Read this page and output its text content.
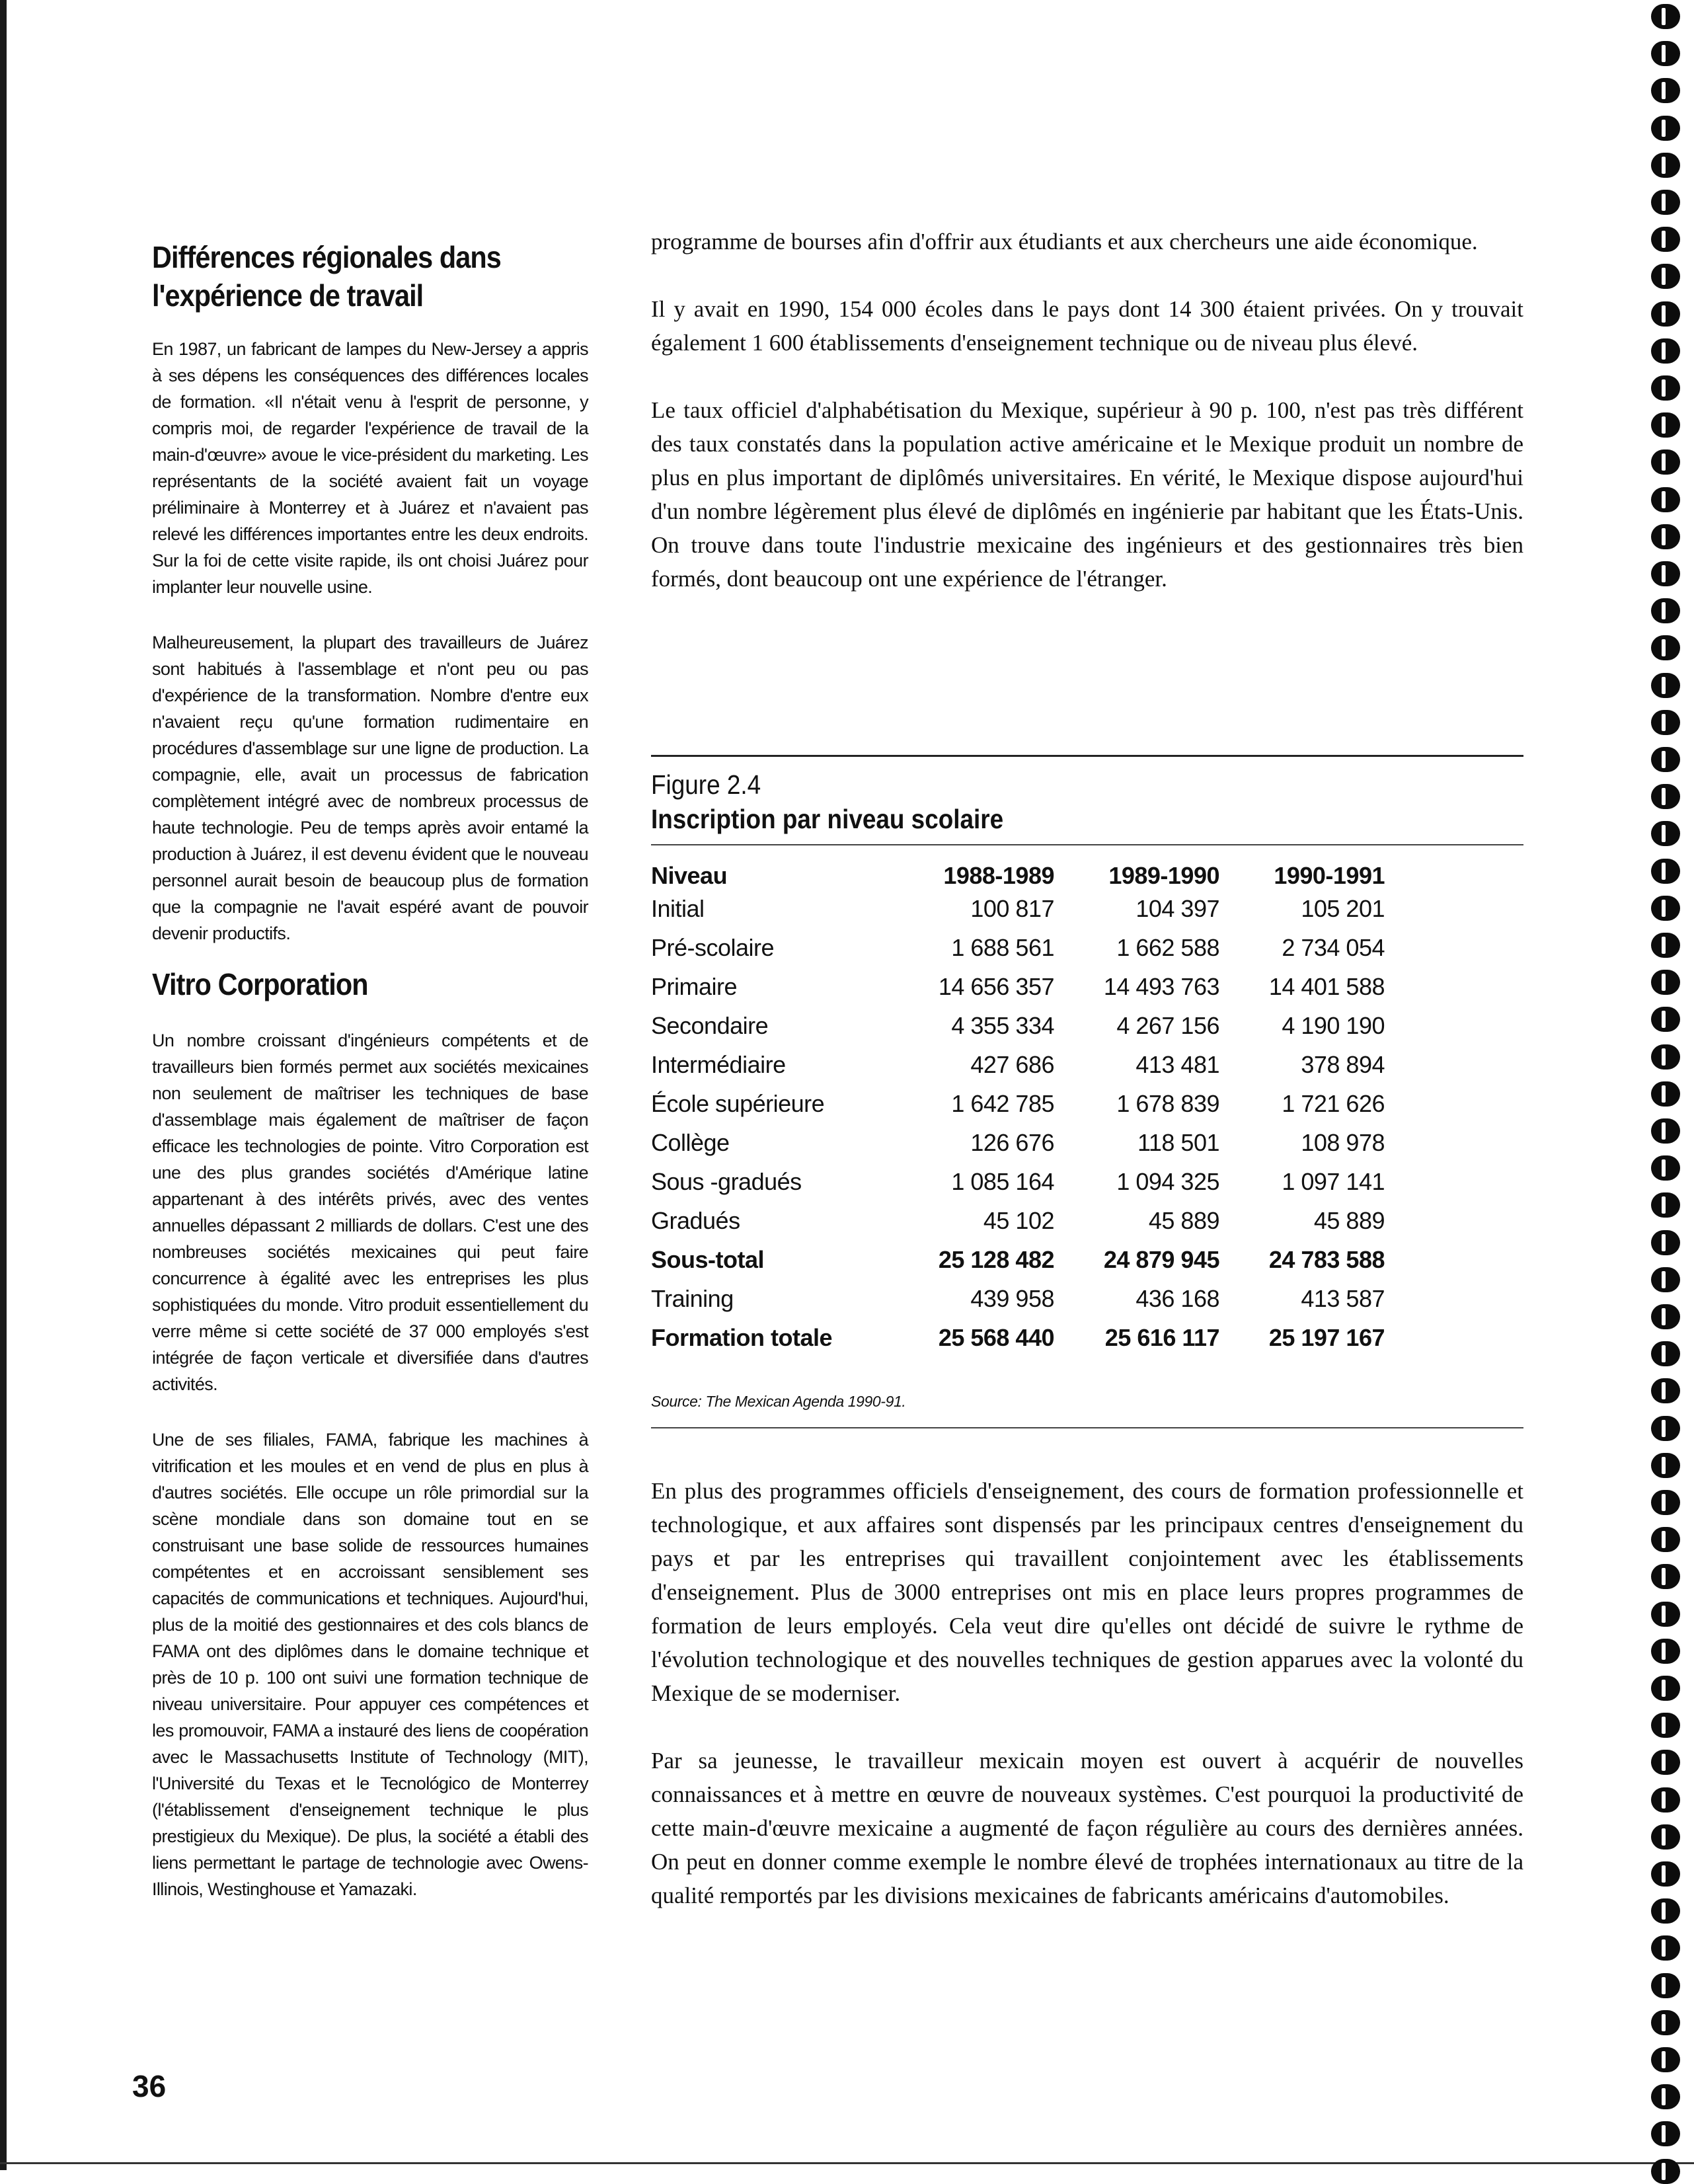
Différences régionales dans l'expérience de travail

En 1987, un fabricant de lampes du New-Jersey a appris à ses dépens les conséquences des différences locales de formation. «Il n'était venu à l'esprit de personne, y compris moi, de regarder l'expérience de travail de la main-d'œuvre» avoue le vice-président du marketing. Les représentants de la société avaient fait un voyage préliminaire à Monterrey et à Juárez et n'avaient pas relevé les différences importantes entre les deux endroits. Sur la foi de cette visite rapide, ils ont choisi Juárez pour implanter leur nouvelle usine.

Malheureusement, la plupart des travailleurs de Juárez sont habitués à l'assemblage et n'ont peu ou pas d'expérience de la transformation. Nombre d'entre eux n'avaient reçu qu'une formation rudimentaire en procédures d'assemblage sur une ligne de production. La compagnie, elle, avait un processus de fabrication complètement intégré avec de nombreux processus de haute technologie. Peu de temps après avoir entamé la production à Juárez, il est devenu évident que le nouveau personnel aurait besoin de beaucoup plus de formation que la compagnie ne l'avait espéré avant de pouvoir devenir productifs.

Vitro Corporation

Un nombre croissant d'ingénieurs compétents et de travailleurs bien formés permet aux sociétés mexicaines non seulement de maîtriser les techniques de base d'assemblage mais également de maîtriser de façon efficace les technologies de pointe. Vitro Corporation est une des plus grandes sociétés d'Amérique latine appartenant à des intérêts privés, avec des ventes annuelles dépassant 2 milliards de dollars. C'est une des nombreuses sociétés mexicaines qui peut faire concurrence à égalité avec les entreprises les plus sophistiquées du monde. Vitro produit essentiellement du verre même si cette société de 37 000 employés s'est intégrée de façon verticale et diversifiée dans d'autres activités.

Une de ses filiales, FAMA, fabrique les machines à vitrification et les moules et en vend de plus en plus à d'autres sociétés. Elle occupe un rôle primordial sur la scène mondiale dans son domaine tout en se construisant une base solide de ressources humaines compétentes et en accroissant sensiblement ses capacités de communications et techniques. Aujourd'hui, plus de la moitié des gestionnaires et des cols blancs de FAMA ont des diplômes dans le domaine technique et près de 10 p. 100 ont suivi une formation technique de niveau universitaire. Pour appuyer ces compétences et les promouvoir, FAMA a instauré des liens de coopération avec le Massachusetts Institute of Technology (MIT), l'Université du Texas et le Tecnológico de Monterrey (l'établissement d'enseignement technique le plus prestigieux du Mexique). De plus, la société a établi des liens permettant le partage de technologie avec Owens-Illinois, Westinghouse et Yamazaki.

programme de bourses afin d'offrir aux étudiants et aux chercheurs une aide économique.

Il y avait en 1990, 154 000 écoles dans le pays dont 14 300 étaient privées. On y trouvait également 1 600 établissements d'enseignement technique ou de niveau plus élevé.

Le taux officiel d'alphabétisation du Mexique, supérieur à 90 p. 100, n'est pas très différent des taux constatés dans la population active américaine et le Mexique produit un nombre de plus en plus important de diplômés universitaires. En vérité, le Mexique dispose aujourd'hui d'un nombre légèrement plus élevé de diplômés en ingénierie par habitant que les États-Unis. On trouve dans toute l'industrie mexicaine des ingénieurs et des gestionnaires très bien formés, dont beaucoup ont une expérience de l'étranger.

Figure 2.4
Inscription par niveau scolaire
Niveau	1988-1989	1989-1990	1990-1991
Initial	100 817	104 397	105 201
Pré-scolaire	1 688 561	1 662 588	2 734 054
Primaire	14 656 357	14 493 763	14 401 588
Secondaire	4 355 334	4 267 156	4 190 190
Intermédiaire	427 686	413 481	378 894
École supérieure	1 642 785	1 678 839	1 721 626
Collège	126 676	118 501	108 978
Sous -gradués	1 085 164	1 094 325	1 097 141
Gradués	45 102	45 889	45 889
Sous-total	25 128 482	24 879 945	24 783 588
Training	439 958	436 168	413 587
Formation totale	25 568 440	25 616 117	25 197 167
Source: The Mexican Agenda 1990-91.

En plus des programmes officiels d'enseignement, des cours de formation professionnelle et technologique, et aux affaires sont dispensés par les principaux centres d'enseignement du pays et par les entreprises qui travaillent conjointement avec les établissements d'enseignement. Plus de 3000 entreprises ont mis en place leurs propres programmes de formation de leurs employés. Cela veut dire qu'elles ont décidé de suivre le rythme de l'évolution technologique et des nouvelles techniques de gestion apparues avec la volonté du Mexique de se moderniser.

Par sa jeunesse, le travailleur mexicain moyen est ouvert à acquérir de nouvelles connaissances et à mettre en œuvre de nouveaux systèmes. C'est pourquoi la productivité de cette main-d'œuvre mexicaine a augmenté de façon régulière au cours des dernières années. On peut en donner comme exemple le nombre élevé de trophées internationaux au titre de la qualité remportés par les divisions mexicaines de fabricants américains d'automobiles.

36
